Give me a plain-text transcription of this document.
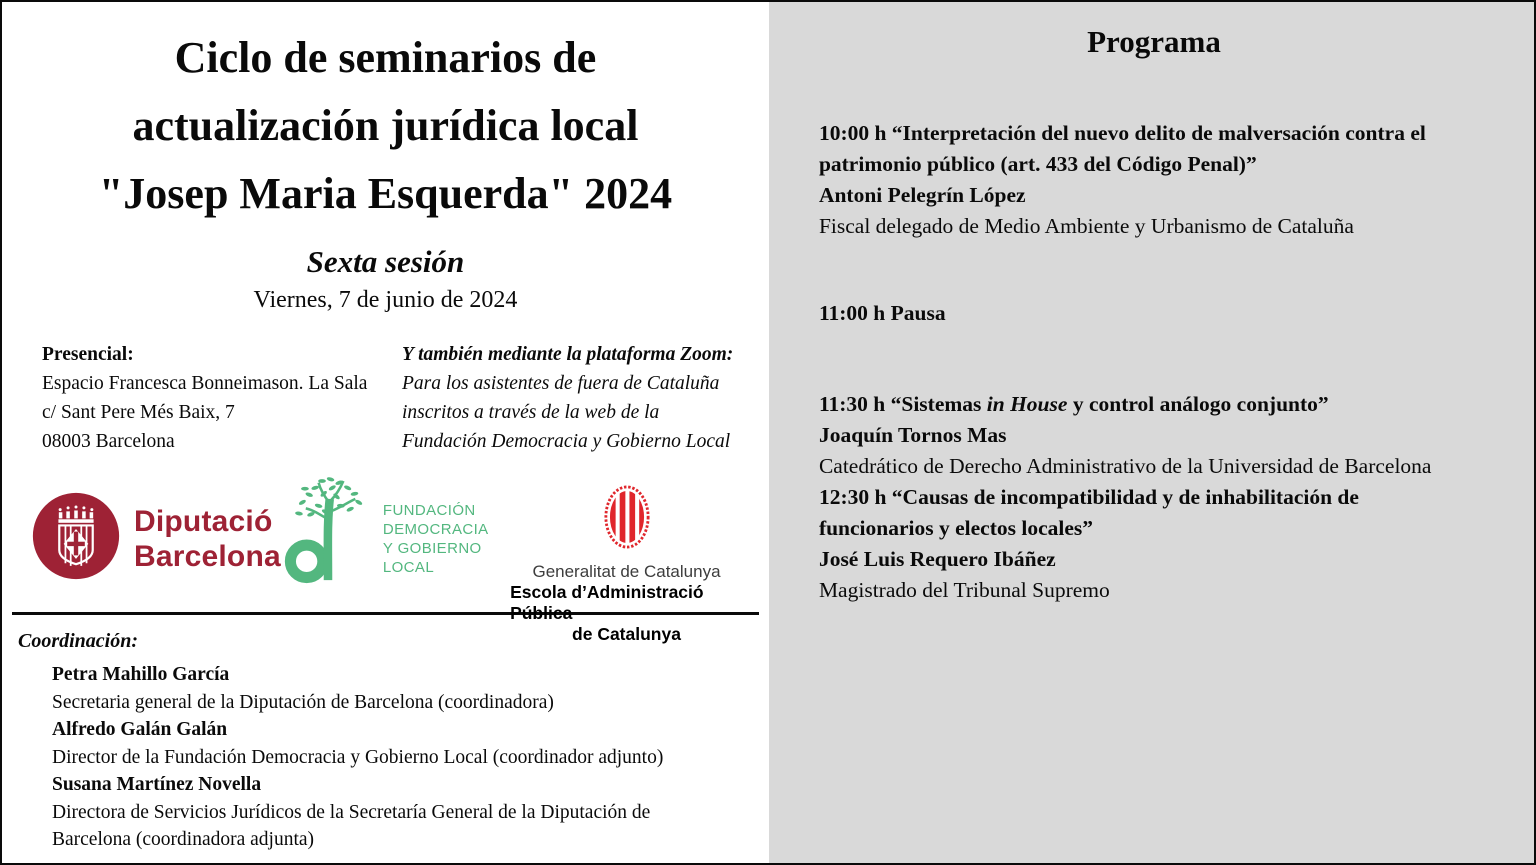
Ciclo de seminarios de
actualización jurídica local
"Josep Maria Esquerda" 2024
Sexta sesión
Viernes, 7 de junio de 2024
Presencial:
Espacio Francesca Bonneimason. La Sala
c/ Sant Pere Més Baix, 7
08003 Barcelona
Y también mediante la plataforma Zoom:
Para los asistentes de fuera de Cataluña
inscritos a través de la web de la
Fundación Democracia y Gobierno Local
Diputació
Barcelona
FUNDACIÓN
DEMOCRACIA
Y GOBIERNO LOCAL	Generalitat de Catalunya
Escola d’Administració Pública
de Catalunya
Coordinación:
Petra Mahillo García
Secretaria general de la Diputación de Barcelona (coordinadora)
Alfredo Galán Galán
Director de la Fundación Democracia y Gobierno Local (coordinador adjunto)
Susana Martínez Novella
Directora de Servicios Jurídicos de la Secretaría General de la Diputación de Barcelona (coordinadora adjunta)
Programa
10:00 h “Interpretación del nuevo delito de malversación contra el patrimonio público (art. 433 del Código Penal)”
Antoni Pelegrín López
Fiscal delegado de Medio Ambiente y Urbanismo de Cataluña
11:00 h Pausa
11:30 h “Sistemas in House y control análogo conjunto”
Joaquín Tornos Mas
Catedrático de Derecho Administrativo de la Universidad de Barcelona
12:30 h “Causas de incompatibilidad y de inhabilitación de funcionarios y electos locales”
José Luis Requero Ibáñez
Magistrado del Tribunal Supremo
